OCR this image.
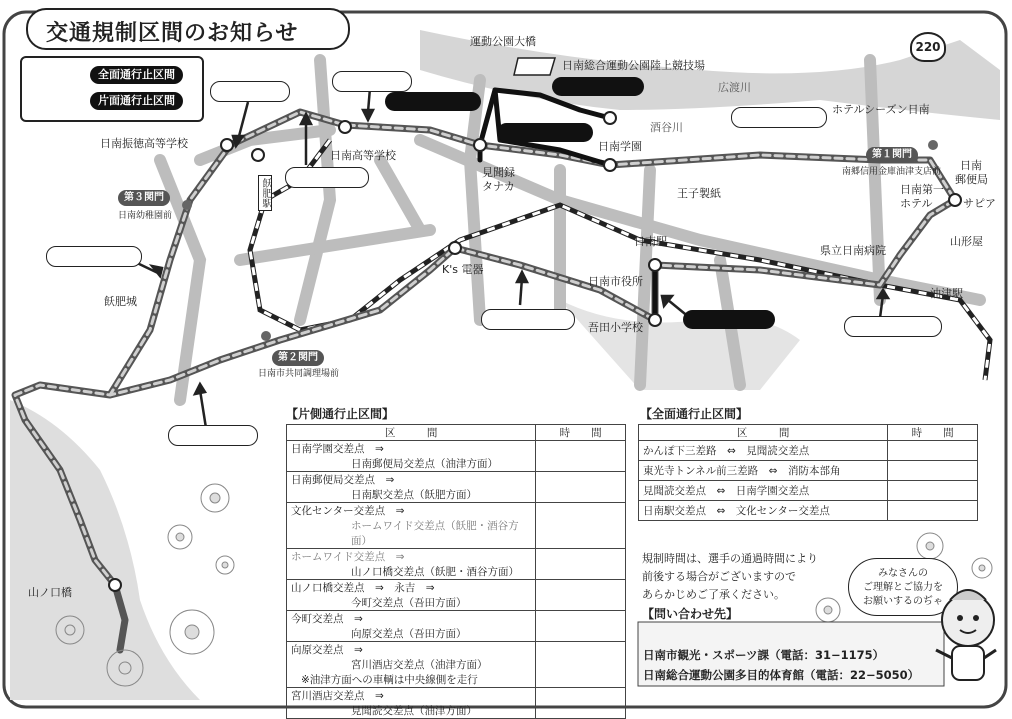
交通規制区間のお知らせ
220
全面通行止区間
片面通行止区間
第１関門
第３関門
第２関門
運動公園大橋
日南総合運動公園陸上競技場
広渡川
酒谷川
ホテルシーズン日南
日南学園
南郷信用金庫油津支店前 日南
郵便局
日南第一
ホテル	サピア
山形屋
王子製紙
県立日南病院
油津駅
日南駅
日南市役所
吾田小学校
K's 電器
見聞録
タナカ
日南高等学校
日南振徳高等学校
飫肥城
飫肥駅
日南幼稚園前
日南市共同調理場前
山ノ口橋
【片側通行止区間】
区　　　間	時　　間

日南学園交差点　⇒
日南郵便局交差点（油津方面）	

日南郵便局交差点　⇒
日南駅交差点（飫肥方面）	

文化センター交差点　⇒
ホームワイド交差点（飫肥・酒谷方面）	

ホームワイド交差点　⇒
山ノ口橋交差点（飫肥・酒谷方面）	

山ノ口橋交差点　⇒　永吉　⇒
今町交差点（吾田方面）	

今町交差点　⇒
向原交差点（吾田方面）	

向原交差点　⇒
宮川酒店交差点（油津方面）
※油津方面への車輌は中央線側を走行	

宮川酒店交差点　⇒
見聞読交差点（油津方面）	

【全面通行止区間】
区　　　間	時　　間
かんぽ下三差路　⇔　見聞読交差点	
東光寺トンネル前三差路　⇔　消防本部角	
見聞読交差点　⇔　日南学園交差点	
日南駅交差点　⇔　文化センター交差点	
規制時間は、選手の通過時間により
前後する場合がございますので
あらかじめご了承ください。
【問い合わせ先】
日南市観光・スポーツ課（電話：31−1175）
日南総合運動公園多目的体育館（電話：22−5050）
みなさんの
ご理解とご協力を
お願いするのぢゃ
